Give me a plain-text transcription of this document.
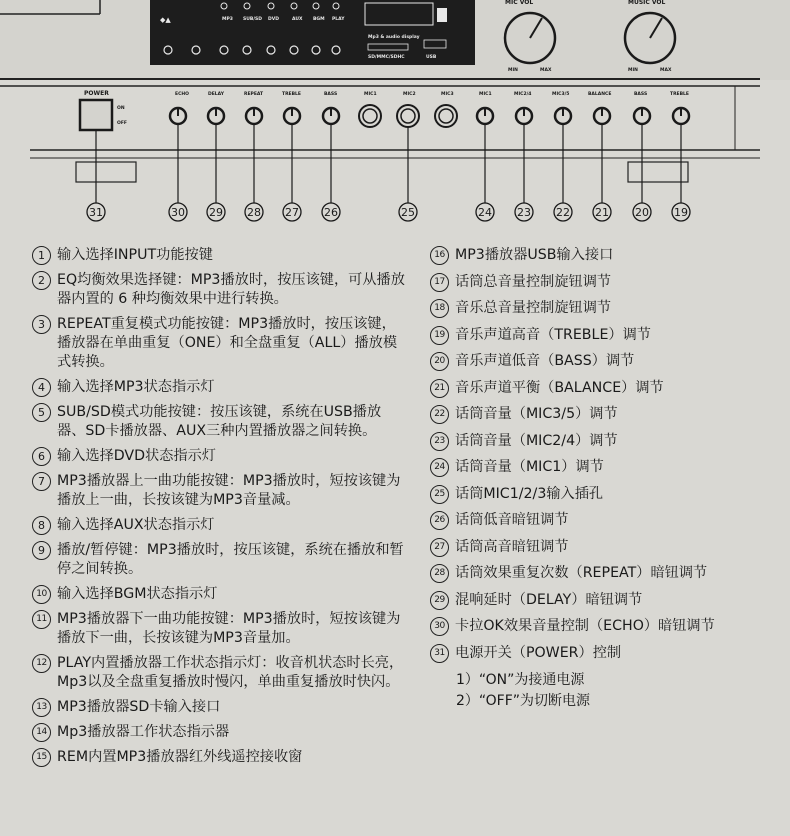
◆▲	MP3 SUB/SD DVD	AUX BGM PLAY
Mp3 & audio display
SD/MMC/SDHC	USB
MIC VOL
MIN	MAX
MUSIC VOL
MIN	MAX
POWER
ON
OFF
ECHO	DELAY	REPEAT	TREBLE	BASS	MIC1	MIC2	MIC3	MIC1	MIC2/4	MIC3/5	BALANCE	BASS	TREBLE
31	30 29 28 27 26	25	24 23 22 21 20 19
1 输入选择INPUT功能按键
2 EQ均衡效果选择键：MP3播放时，按压该键，可从播放器内置的 6 种均衡效果中进行转换。
3 REPEAT重复模式功能按键：MP3播放时，按压该键，播放器在单曲重复（ONE）和全盘重复（ALL）播放模式转换。
4 输入选择MP3状态指示灯
5 SUB/SD模式功能按键：按压该键，系统在USB播放器、SD卡播放器、AUX三种内置播放器之间转换。
6 输入选择DVD状态指示灯
7 MP3播放器上一曲功能按键：MP3播放时，短按该键为播放上一曲，长按该键为MP3音量减。
8 输入选择AUX状态指示灯
9 播放/暂停键：MP3播放时，按压该键，系统在播放和暂停之间转换。
10 输入选择BGM状态指示灯
11 MP3播放器下一曲功能按键：MP3播放时，短按该键为播放下一曲，长按该键为MP3音量加。
12 PLAY内置播放器工作状态指示灯：收音机状态时长亮，Mp3以及全盘重复播放时慢闪，单曲重复播放时快闪。
13 MP3播放器SD卡输入接口
14 Mp3播放器工作状态指示器
15 REM内置MP3播放器红外线遥控接收窗
16 MP3播放器USB输入接口
17 话筒总音量控制旋钮调节
18 音乐总音量控制旋钮调节
19 音乐声道高音（TREBLE）调节
20 音乐声道低音（BASS）调节
21 音乐声道平衡（BALANCE）调节
22 话筒音量（MIC3/5）调节
23 话筒音量（MIC2/4）调节
24 话筒音量（MIC1）调节
25 话筒MIC1/2/3输入插孔
26 话筒低音暗钮调节
27 话筒高音暗钮调节
28 话筒效果重复次数（REPEAT）暗钮调节
29 混响延时（DELAY）暗钮调节
30 卡拉OK效果音量控制（ECHO）暗钮调节
31 电源开关（POWER）控制
1）“ON”为接通电源
2）“OFF”为切断电源
